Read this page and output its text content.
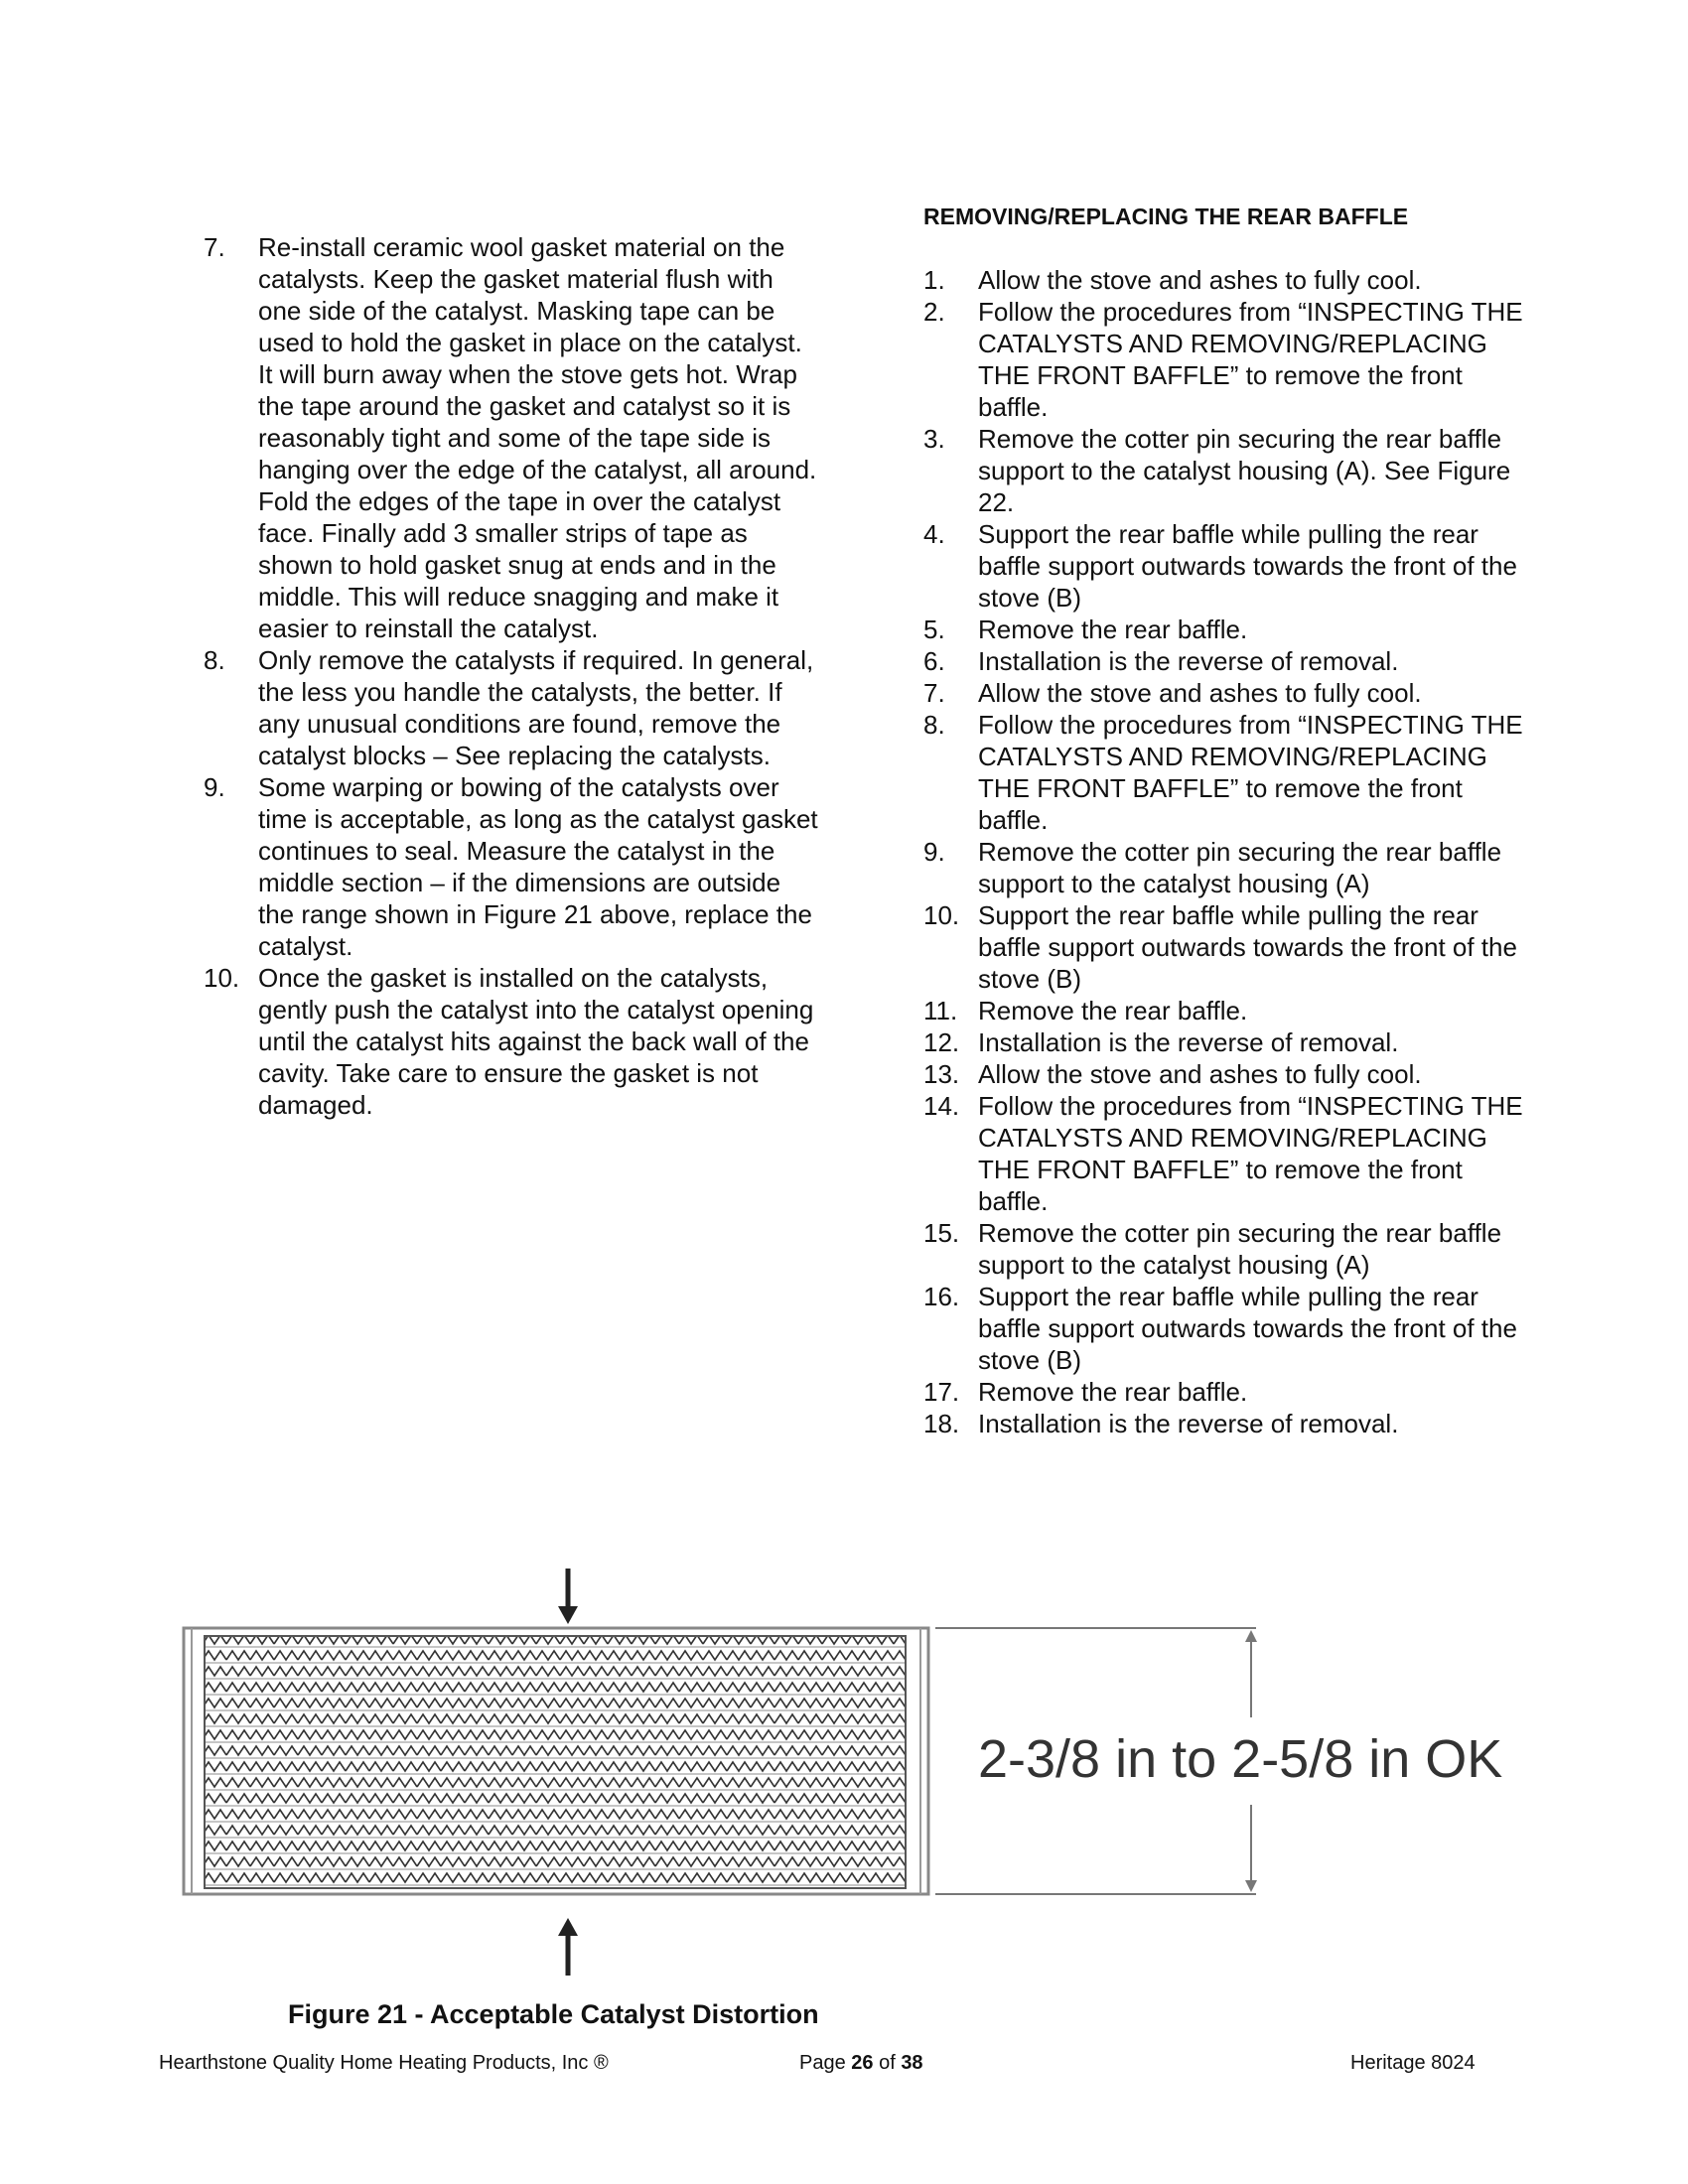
7. Re-install ceramic wool gasket material on the catalysts. Keep the gasket material flush with one side of the catalyst. Masking tape can be used to hold the gasket in place on the catalyst. It will burn away when the stove gets hot. Wrap the tape around the gasket and catalyst so it is reasonably tight and some of the tape side is hanging over the edge of the catalyst, all around. Fold the edges of the tape in over the catalyst face. Finally add 3 smaller strips of tape as shown to hold gasket snug at ends and in the middle. This will reduce snagging and make it easier to reinstall the catalyst.
8. Only remove the catalysts if required. In general, the less you handle the catalysts, the better. If any unusual conditions are found, remove the catalyst blocks – See replacing the catalysts.
9. Some warping or bowing of the catalysts over time is acceptable, as long as the catalyst gasket continues to seal. Measure the catalyst in the middle section – if the dimensions are outside the range shown in Figure 21 above, replace the catalyst.
10. Once the gasket is installed on the catalysts, gently push the catalyst into the catalyst opening until the catalyst hits against the back wall of the cavity. Take care to ensure the gasket is not damaged.
REMOVING/REPLACING THE REAR BAFFLE
1. Allow the stove and ashes to fully cool.
2. Follow the procedures from “INSPECTING THE CATALYSTS AND REMOVING/REPLACING THE FRONT BAFFLE” to remove the front baffle.
3. Remove the cotter pin securing the rear baffle support to the catalyst housing (A). See Figure 22.
4. Support the rear baffle while pulling the rear baffle support outwards towards the front of the stove (B)
5. Remove the rear baffle.
6. Installation is the reverse of removal.
7. Allow the stove and ashes to fully cool.
8. Follow the procedures from “INSPECTING THE CATALYSTS AND REMOVING/REPLACING THE FRONT BAFFLE” to remove the front baffle.
9. Remove the cotter pin securing the rear baffle support to the catalyst housing (A)
10. Support the rear baffle while pulling the rear baffle support outwards towards the front of the stove (B)
11. Remove the rear baffle.
12. Installation is the reverse of removal.
13. Allow the stove and ashes to fully cool.
14. Follow the procedures from “INSPECTING THE CATALYSTS AND REMOVING/REPLACING THE FRONT BAFFLE” to remove the front baffle.
15. Remove the cotter pin securing the rear baffle support to the catalyst housing (A)
16. Support the rear baffle while pulling the rear baffle support outwards towards the front of the stove (B)
17. Remove the rear baffle.
18. Installation is the reverse of removal.
2-3/8 in to 2-5/8 in OK
Figure 21 - Acceptable Catalyst Distortion
Hearthstone Quality Home Heating Products, Inc ®	Page 26 of 38	Heritage 8024
